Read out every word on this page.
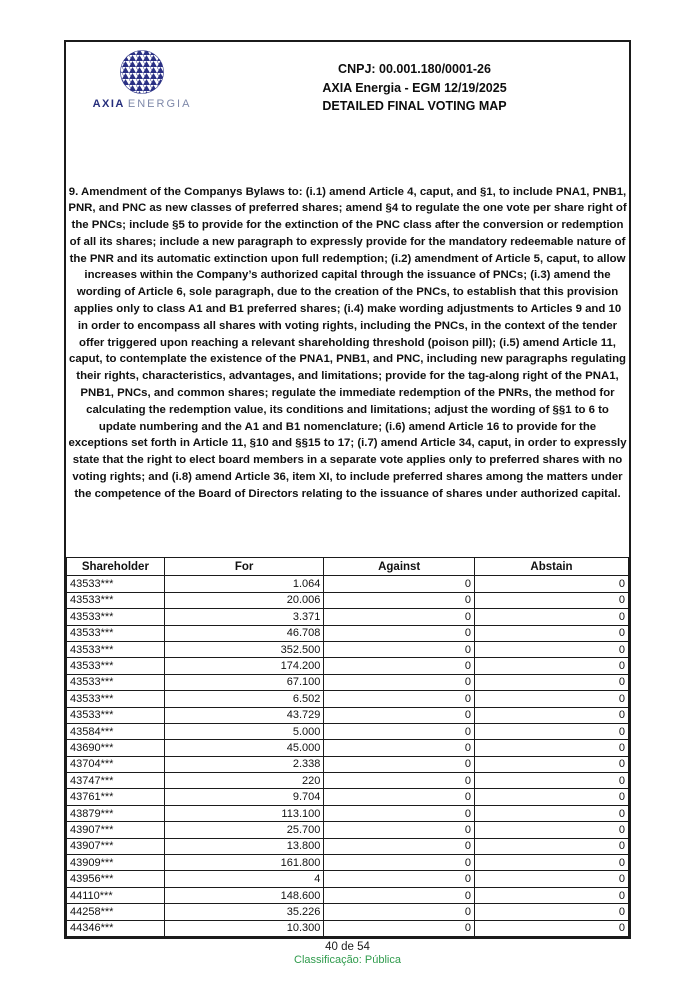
AXIA ENERGIA
CNPJ: 00.001.180/0001-26
AXIA Energia - EGM 12/19/2025
DETAILED FINAL VOTING MAP
9. Amendment of the Companys Bylaws to: (i.1) amend Article 4, caput, and §1, to include PNA1, PNB1, PNR, and PNC as new classes of preferred shares; amend §4 to regulate the one vote per share right of the PNCs; include §5 to provide for the extinction of the PNC class after the conversion or redemption of all its shares; include a new paragraph to expressly provide for the mandatory redeemable nature of the PNR and its automatic extinction upon full redemption; (i.2) amendment of Article 5, caput, to allow increases within the Company’s authorized capital through the issuance of PNCs; (i.3) amend the wording of Article 6, sole paragraph, due to the creation of the PNCs, to establish that this provision applies only to class A1 and B1 preferred shares; (i.4) make wording adjustments to Articles 9 and 10 in order to encompass all shares with voting rights, including the PNCs, in the context of the tender offer triggered upon reaching a relevant shareholding threshold (poison pill); (i.5) amend Article 11, caput, to contemplate the existence of the PNA1, PNB1, and PNC, including new paragraphs regulating their rights, characteristics, advantages, and limitations; provide for the tag-along right of the PNA1, PNB1, PNCs, and common shares; regulate the immediate redemption of the PNRs, the method for calculating the redemption value, its conditions and limitations; adjust the wording of §§1 to 6 to update numbering and the A1 and B1 nomenclature; (i.6) amend Article 16 to provide for the exceptions set forth in Article 11, §10 and §§15 to 17; (i.7) amend Article 34, caput, in order to expressly state that the right to elect board members in a separate vote applies only to preferred shares with no voting rights; and (i.8) amend Article 36, item XI, to include preferred shares among the matters under the competence of the Board of Directors relating to the issuance of shares under authorized capital.
Shareholder	For	Against	Abstain
43533***	1.064	0	0
43533***	20.006	0	0
43533***	3.371	0	0
43533***	46.708	0	0
43533***	352.500	0	0
43533***	174.200	0	0
43533***	67.100	0	0
43533***	6.502	0	0
43533***	43.729	0	0
43584***	5.000	0	0
43690***	45.000	0	0
43704***	2.338	0	0
43747***	220	0	0
43761***	9.704	0	0
43879***	113.100	0	0
43907***	25.700	0	0
43907***	13.800	0	0
43909***	161.800	0	0
43956***	4	0	0
44110***	148.600	0	0
44258***	35.226	0	0
44346***	10.300	0	0
40 de 54
Classificação: Pública
